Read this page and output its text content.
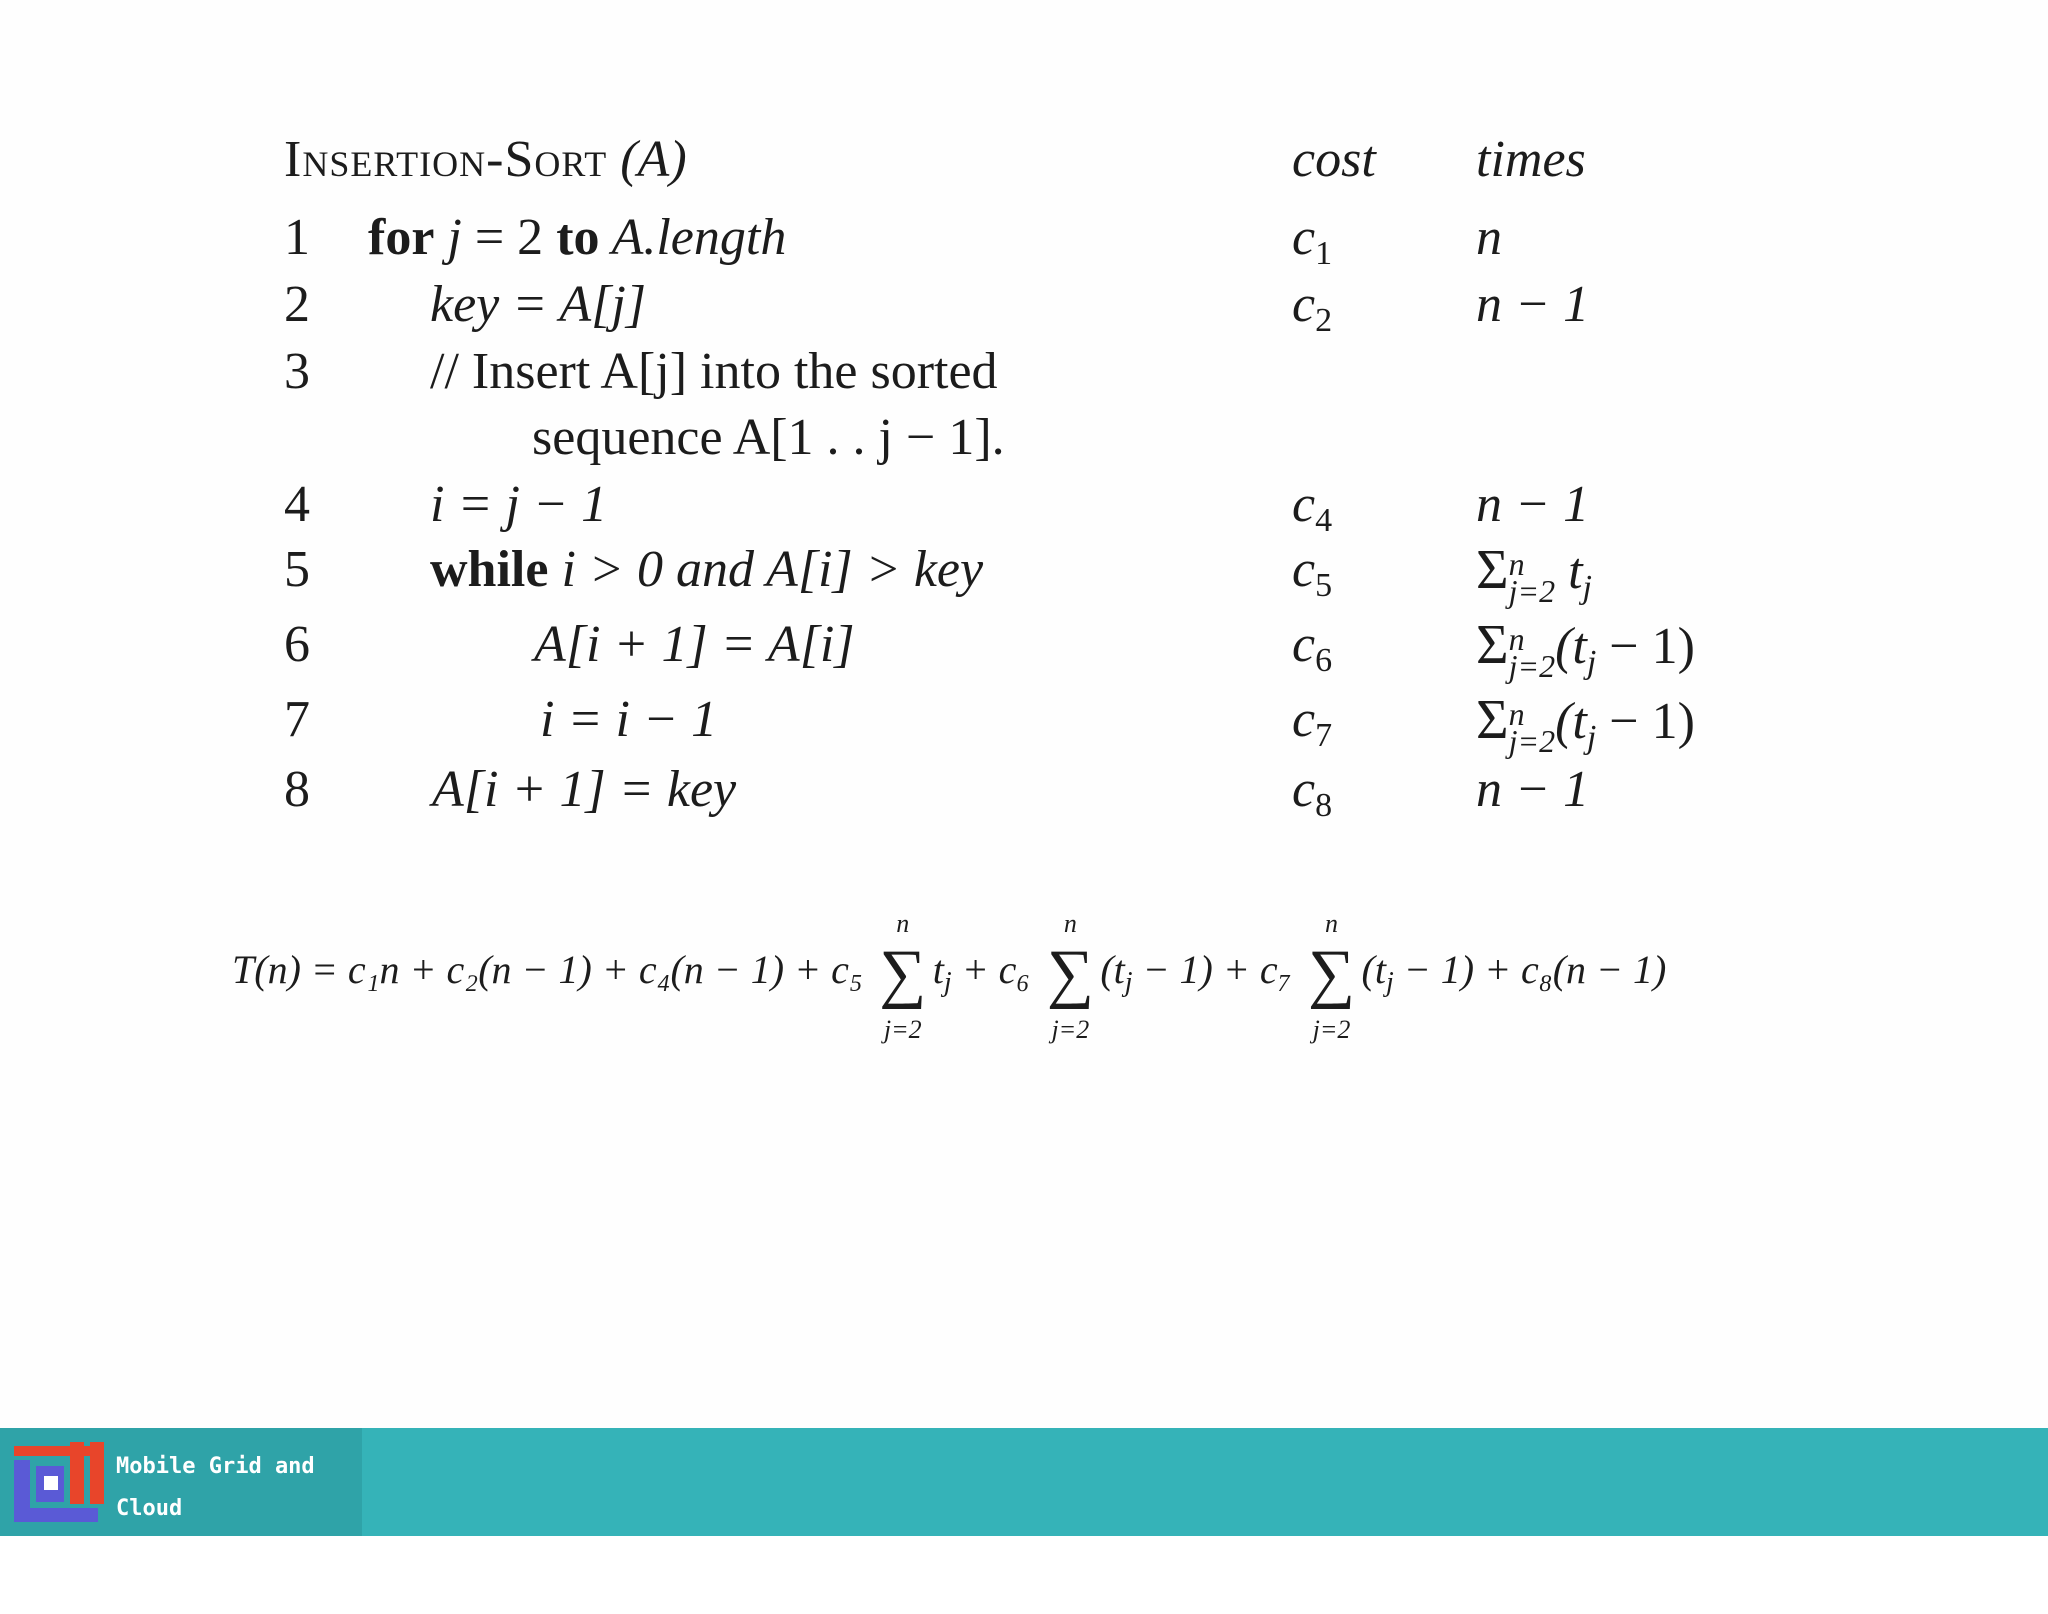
Insertion-Sort (A)	cost times
1	for j = 2 to A.length	$c_1$	n
2	key = A[j]	$c_2$	n − 1
3	// Insert A[j] into the sorted
sequence A[1 . . j − 1].
4	i = j − 1	$c_4$	n − 1
5	while i > 0 and A[i] > key	$c_5$	Σ n
j=2 $t_j$
6	A[i + 1] = A[i]	$c_6$	Σ n
$j=2(t_j - 1)$
7	i = i − 1	$c_7$	Σ n
$j=2(t_j - 1)$
8	A[i + 1] = key	$c_8$	n − 1
T(n) = c₁n + c₂(n − 1) + c₄(n − 1) + c₅
n
∑
j=2
$t_j + c_6$
n
∑
j=2
$(t_j - 1) + c_7$
n
∑
j=2
$(t_j - 1) + c_8(n - 1)$
Mobile Grid and Cloud
Computing Laboratory
